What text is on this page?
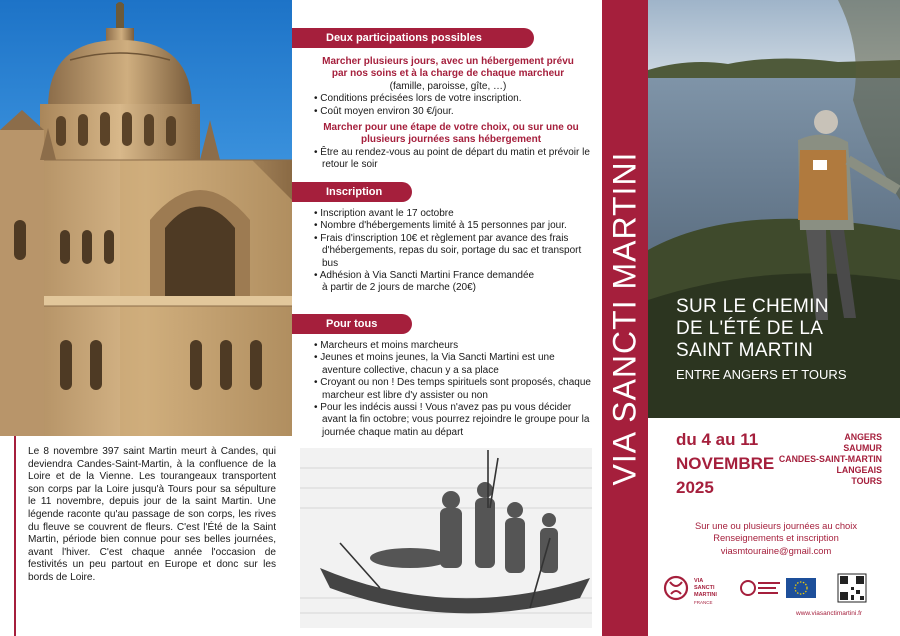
Le 8 novembre 397 saint Martin meurt à Candes, qui deviendra Candes-Saint-Martin, à la confluence de la Loire et de la Vienne. Les tourangeaux transportent son corps par la Loire jusqu'à Tours pour sa sépulture le 11 novembre, depuis jour de la saint Martin. Une légende raconte qu'au passage de son corps, les rives du fleuve se couvrent de fleurs. C'est l'Été de la Saint Martin, période bien connue pour ses belles journées, avant l'hiver. C'est chaque année l'occasion de festivités un peu partout en Europe et donc sur les bords de Loire.

Deux participations possibles
Marcher plusieurs jours, avec un hébergement prévu par nos soins et à la charge de chaque marcheur (famille, paroisse, gîte, …)
• Conditions précisées lors de votre inscription.
• Coût moyen environ 30 €/jour.
Marcher pour une étape de votre choix, ou sur une ou plusieurs journées sans hébergement
• Être au rendez-vous au point de départ du matin et prévoir le retour le soir
Inscription
• Inscription avant le 17 octobre
• Nombre d'hébergements limité à 15 personnes par jour.
• Frais d'inscription 10€ et règlement par avance des frais d'hébergements, repas du soir, portage du sac et transport bus
• Adhésion à Via Sancti Martini France demandée
à partir de 2 jours de marche (20€)
Pour tous
• Marcheurs et moins marcheurs
• Jeunes et moins jeunes, la Via Sancti Martini est une aventure collective, chacun y a sa place
• Croyant ou non ! Des temps spirituels sont proposés, chaque marcheur est libre d'y assister ou non
• Pour les indécis aussi ! Vous n'avez pas pu vous décider avant la fin octobre; vous pourrez rejoindre le groupe pour la journée chaque matin au départ	VIA SANCTI MARTINI SUR LE CHEMIN
DE L'ÉTÉ DE LA
SAINT MARTIN
ENTRE ANGERS ET TOURS
du 4 au 11
NOVEMBRE
2025
ANGERS
SAUMUR
CANDES-SAINT-MARTIN
LANGEAIS
TOURS
Sur une ou plusieurs journées au choix
Renseignements et inscription
viasmtouraine@gmail.com
VIA
SANCTI
MARTINI
FRANCE
www.viasanctimartini.fr
